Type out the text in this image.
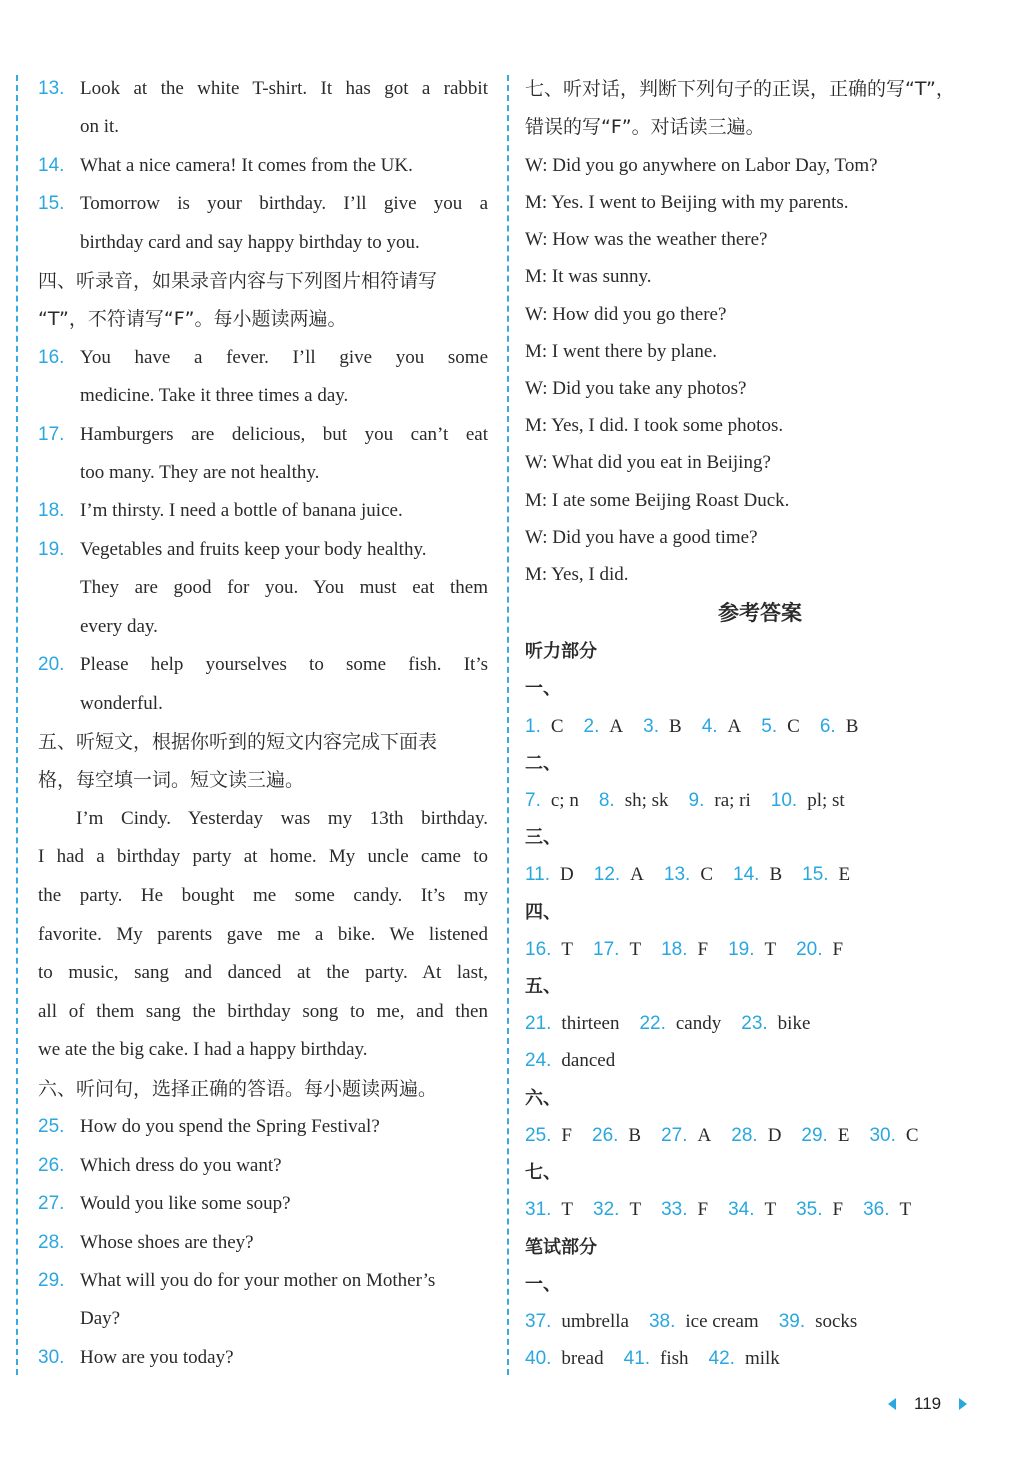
13. Look at the white T-shirt. It has got a rabbit
on it.
14. What a nice camera! It comes from the UK.
15. Tomorrow is your birthday. I’ll give you a
birthday card and say happy birthday to you.
四、听录音，如果录音内容与下列图片相符请写
“T”，不符请写“F”。每小题读两遍。
16. You have a fever. I’ll give you some
medicine. Take it three times a day.
17. Hamburgers are delicious, but you can’t eat
too many. They are not healthy.
18. I’m thirsty. I need a bottle of banana juice.
19. Vegetables and fruits keep your body healthy.
They are good for you. You must eat them
every day.
20. Please help yourselves to some fish. It’s
wonderful.
五、听短文，根据你听到的短文内容完成下面表
格，每空填一词。短文读三遍。
I’m Cindy. Yesterday was my 13th birthday.
I had a birthday party at home. My uncle came to
the party. He bought me some candy. It’s my
favorite. My parents gave me a bike. We listened
to music, sang and danced at the party. At last,
all of them sang the birthday song to me, and then
we ate the big cake. I had a happy birthday.
六、听问句，选择正确的答语。每小题读两遍。
25. How do you spend the Spring Festival?
26. Which dress do you want?
27. Would you like some soup?
28. Whose shoes are they?
29. What will you do for your mother on Mother’s
Day?
30. How are you today?
七、听对话，判断下列句子的正误，正确的写“T”，
错误的写“F”。对话读三遍。
W: Did you go anywhere on Labor Day, Tom?
M: Yes. I went to Beijing with my parents.
W: How was the weather there?
M: It was sunny.
W: How did you go there?
M: I went there by plane.
W: Did you take any photos?
M: Yes, I did. I took some photos.
W: What did you eat in Beijing?
M: I ate some Beijing Roast Duck.
W: Did you have a good time?
M: Yes, I did.
参考答案
听力部分
一、
1. C 2. A 3. B 4. A 5. C 6. B
二、
7. c; n 8. sh; sk 9. ra; ri 10. pl; st
三、
11. D 12. A 13. C 14. B 15. E
四、
16. T 17. T 18. F 19. T 20. F
五、
21. thirteen 22. candy 23. bike
24. danced
六、
25. F 26. B 27. A 28. D 29. E 30. C
七、
31. T 32. T 33. F 34. T 35. F 36. T
笔试部分
一、
37. umbrella 38. ice cream 39. socks
40. bread 41. fish 42. milk
119
